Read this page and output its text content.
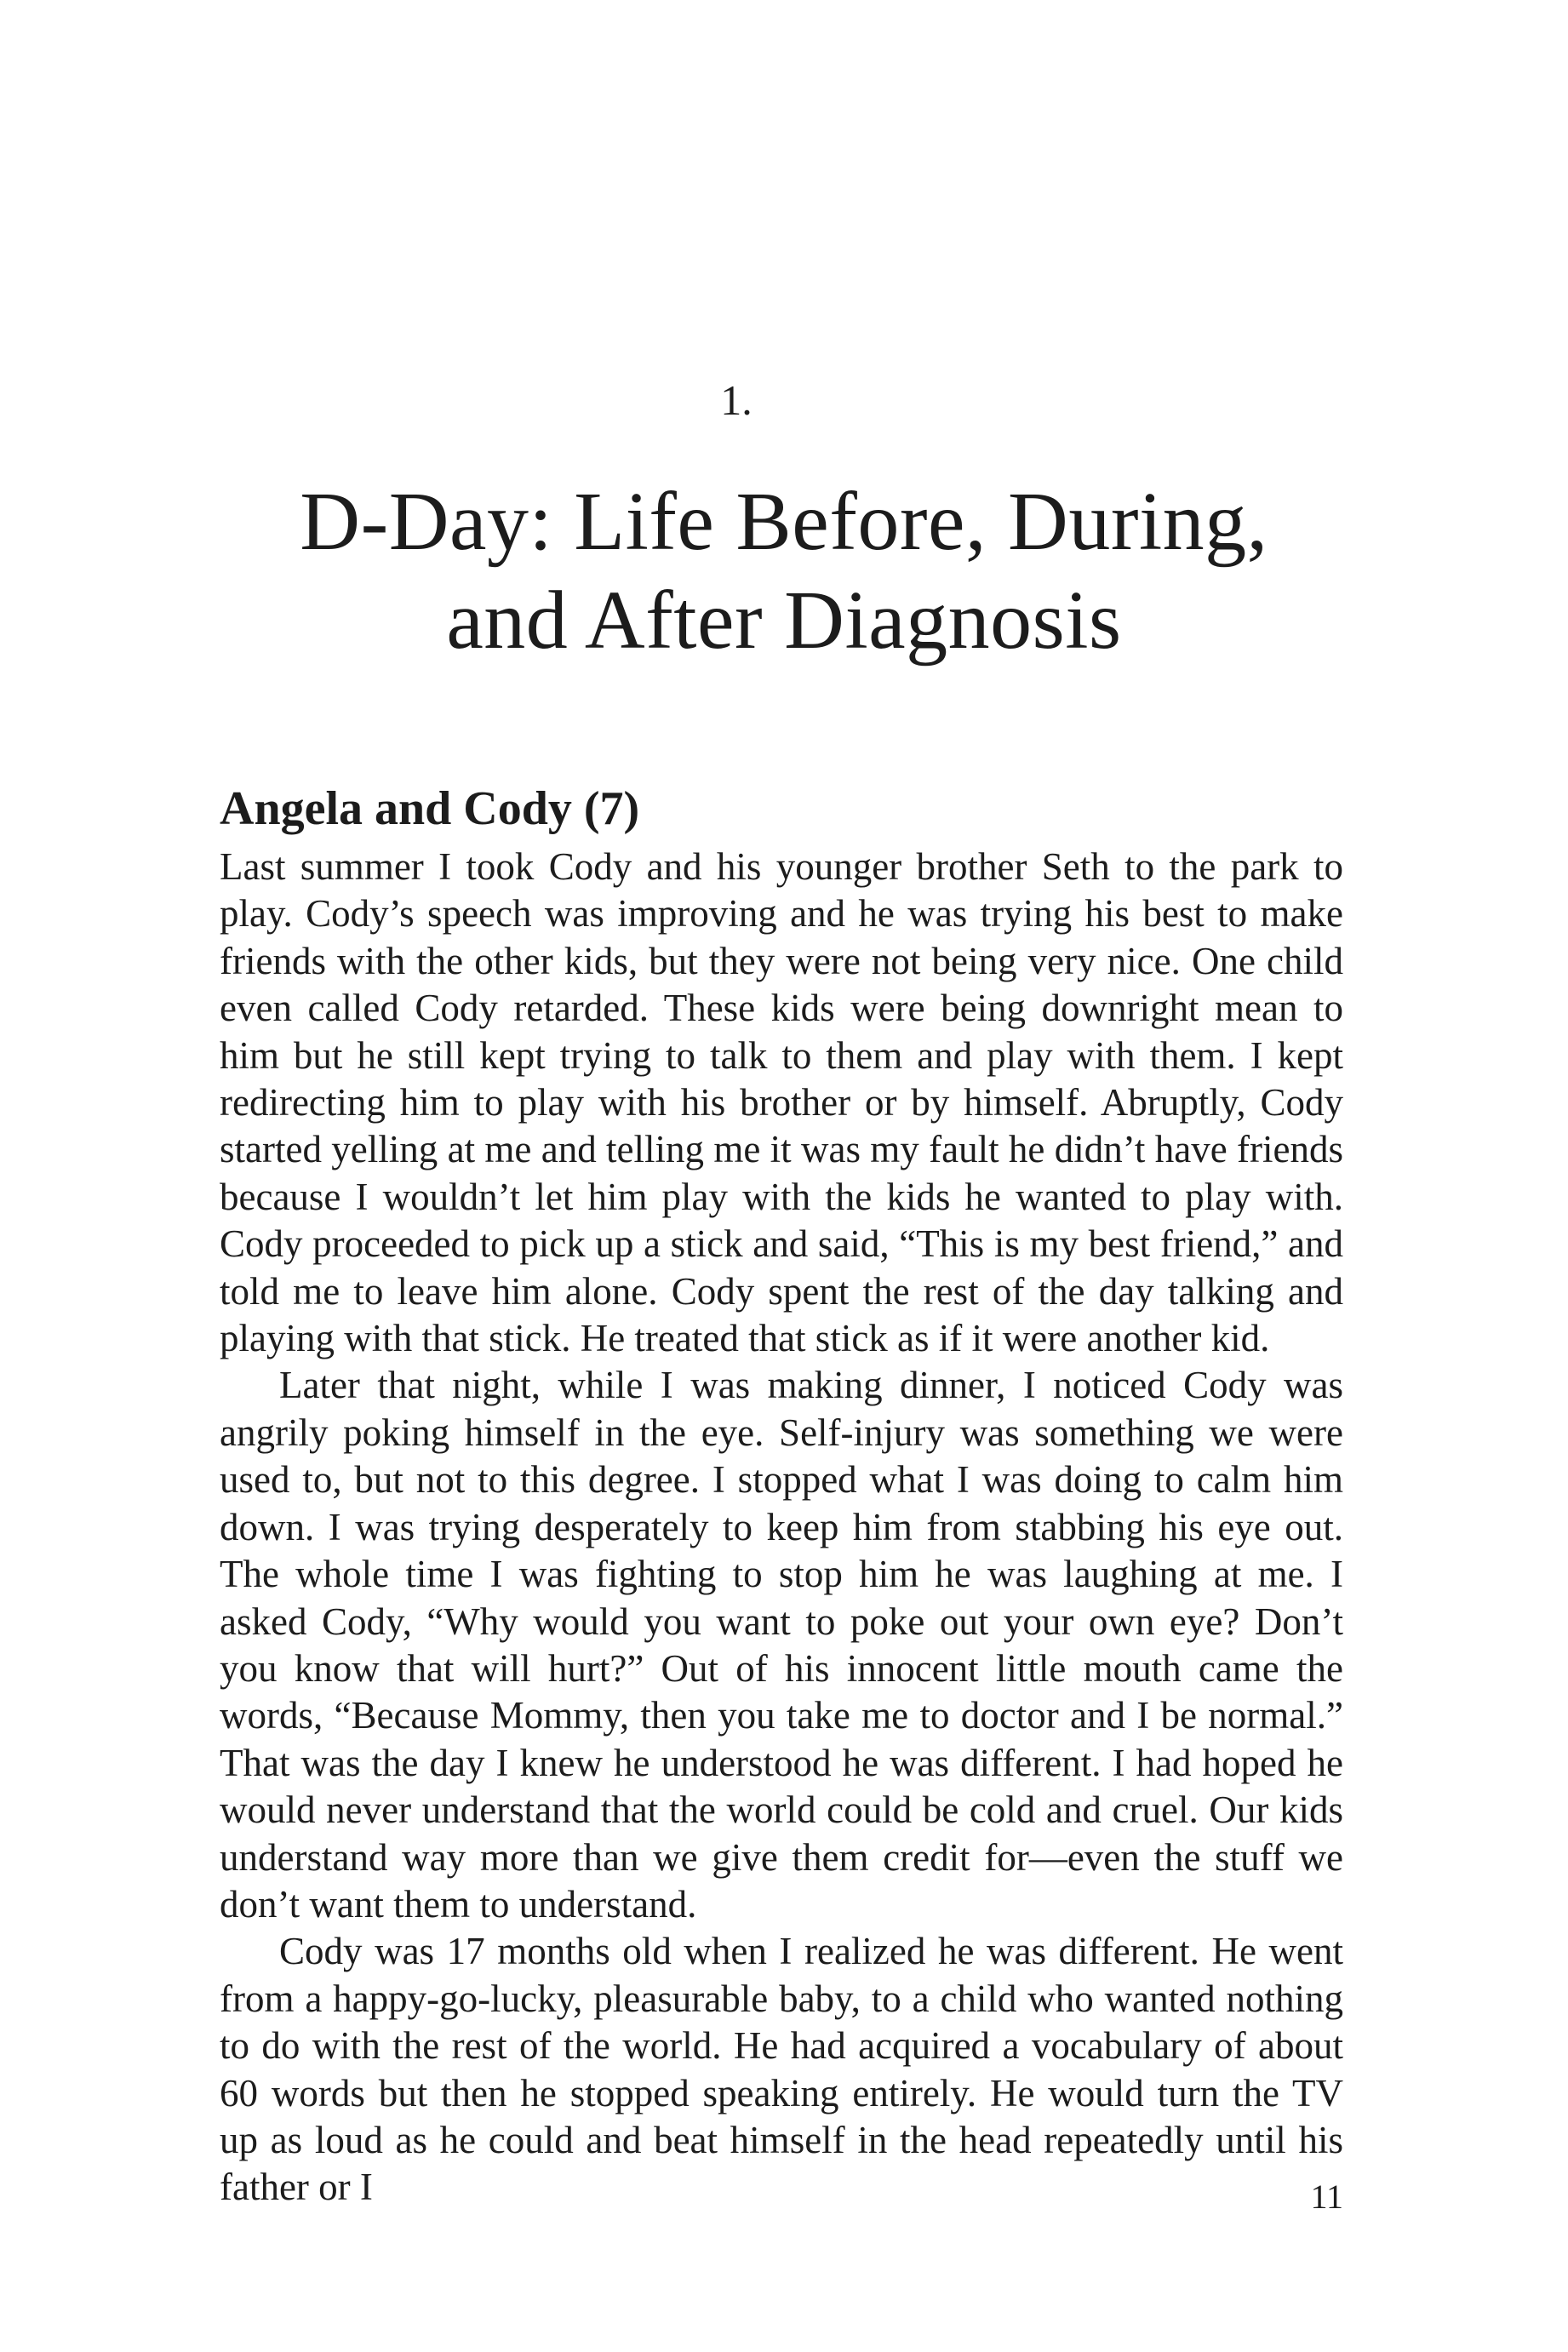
1.
D-Day: Life Before, During,
and After Diagnosis
Angela and Cody (7)

Last summer I took Cody and his younger brother Seth to the park to play. Cody’s speech was improving and he was trying his best to make friends with the other kids, but they were not being very nice. One child even called Cody retarded. These kids were being downright mean to him but he still kept trying to talk to them and play with them. I kept redirecting him to play with his brother or by himself. Abruptly, Cody started yelling at me and telling me it was my fault he didn’t have friends because I wouldn’t let him play with the kids he wanted to play with. Cody proceeded to pick up a stick and said, “This is my best friend,” and told me to leave him alone. Cody spent the rest of the day talking and playing with that stick. He treated that stick as if it were another kid.

Later that night, while I was making dinner, I noticed Cody was angrily poking himself in the eye. Self-injury was something we were used to, but not to this degree. I stopped what I was doing to calm him down. I was trying desperately to keep him from stabbing his eye out. The whole time I was fighting to stop him he was laughing at me. I asked Cody, “Why would you want to poke out your own eye? Don’t you know that will hurt?” Out of his innocent little mouth came the words, “Because Mommy, then you take me to doctor and I be normal.” That was the day I knew he understood he was different. I had hoped he would never understand that the world could be cold and cruel. Our kids understand way more than we give them credit for—even the stuff we don’t want them to understand.

Cody was 17 months old when I realized he was different. He went from a happy-go-lucky, pleasurable baby, to a child who wanted nothing to do with the rest of the world. He had acquired a vocabulary of about 60 words but then he stopped speaking entirely. He would turn the TV up as loud as he could and beat himself in the head repeatedly until his father or I	11
